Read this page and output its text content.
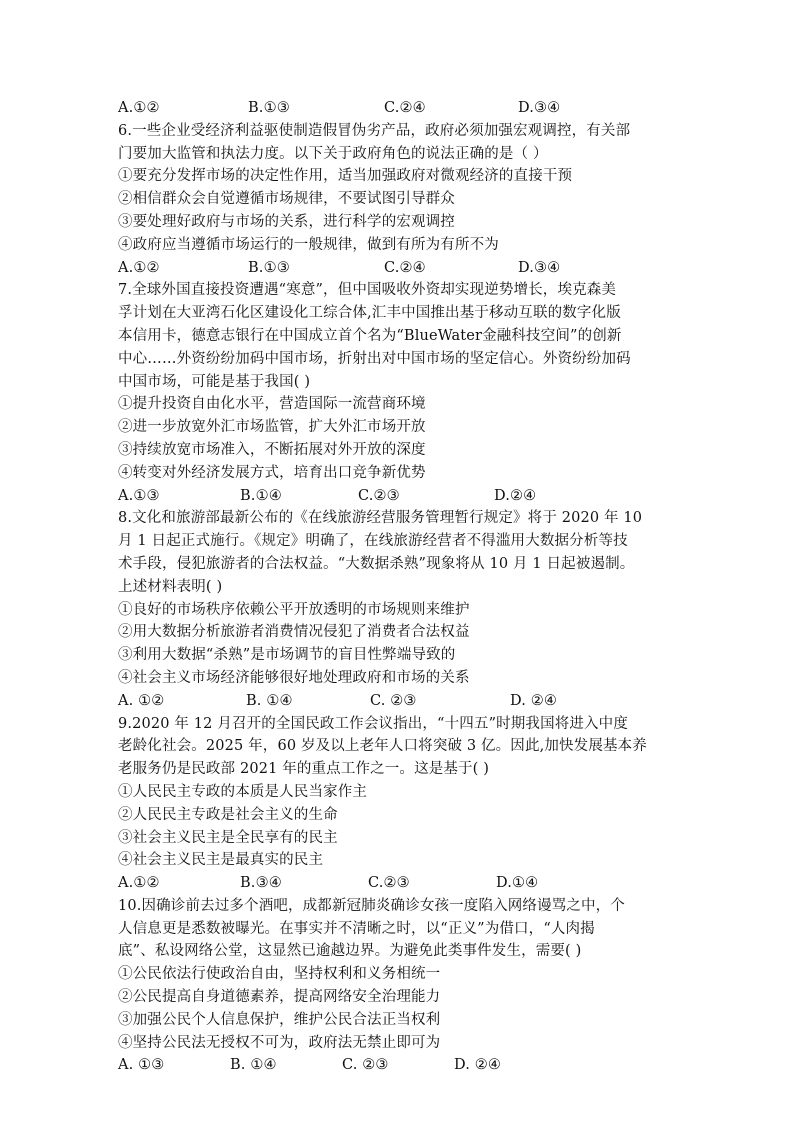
A.①②	B.①③	C.②④	D.③④
6.一些企业受经济利益驱使制造假冒伪劣产品，政府必须加强宏观调控，有关部
门要加大监管和执法力度。以下关于政府角色的说法正确的是（ ）
①要充分发挥市场的决定性作用，适当加强政府对微观经济的直接干预
②相信群众会自觉遵循市场规律，不要试图引导群众
③要处理好政府与市场的关系，进行科学的宏观调控
④政府应当遵循市场运行的一般规律，做到有所为有所不为
A.①②	B.①③	C.②④	D.③④
7.全球外国直接投资遭遇“寒意”，但中国吸收外资却实现逆势增长，埃克森美
孚计划在大亚湾石化区建设化工综合体,汇丰中国推出基于移动互联的数字化版
本信用卡，德意志银行在中国成立首个名为“BlueWater金融科技空间”的创新
中心……外资纷纷加码中国市场，折射出对中国市场的坚定信心。外资纷纷加码
中国市场，可能是基于我国( )
①提升投资自由化水平，营造国际一流营商环境
②进一步放宽外汇市场监管，扩大外汇市场开放
③持续放宽市场准入，不断拓展对外开放的深度
④转变对外经济发展方式，培育出口竞争新优势
A.①③	B.①④	C.②③	D.②④
8.文化和旅游部最新公布的《在线旅游经营服务管理暂行规定》将于 2020 年 10
月 1 日起正式施行。《规定》明确了，在线旅游经营者不得滥用大数据分析等技
术手段，侵犯旅游者的合法权益。“大数据杀熟”现象将从 10 月 1 日起被遏制。
上述材料表明( )
①良好的市场秩序依赖公平开放透明的市场规则来维护
②用大数据分析旅游者消费情况侵犯了消费者合法权益
③利用大数据“杀熟”是市场调节的盲目性弊端导致的
④社会主义市场经济能够很好地处理政府和市场的关系
A. ①②	B. ①④	C. ②③	D. ②④
9.2020 年 12 月召开的全国民政工作会议指出，“十四五”时期我国将进入中度
老龄化社会。2025 年，60 岁及以上老年人口将突破 3 亿。因此,加快发展基本养
老服务仍是民政部 2021 年的重点工作之一。这是基于( )
①人民民主专政的本质是人民当家作主
②人民民主专政是社会主义的生命
③社会主义民主是全民享有的民主
④社会主义民主是最真实的民主
A.①②	B.③④	C.②③	D.①④
10.因确诊前去过多个酒吧，成都新冠肺炎确诊女孩一度陷入网络谩骂之中，个
人信息更是悉数被曝光。在事实并不清晰之时，以“正义”为借口，“人肉揭
底”、私设网络公堂，这显然已逾越边界。为避免此类事件发生，需要( )
①公民依法行使政治自由，坚持权利和义务相统一
②公民提高自身道德素养，提高网络安全治理能力
③加强公民个人信息保护，维护公民合法正当权利
④坚持公民法无授权不可为，政府法无禁止即可为
A. ①③	B. ①④	C. ②③	D. ②④
